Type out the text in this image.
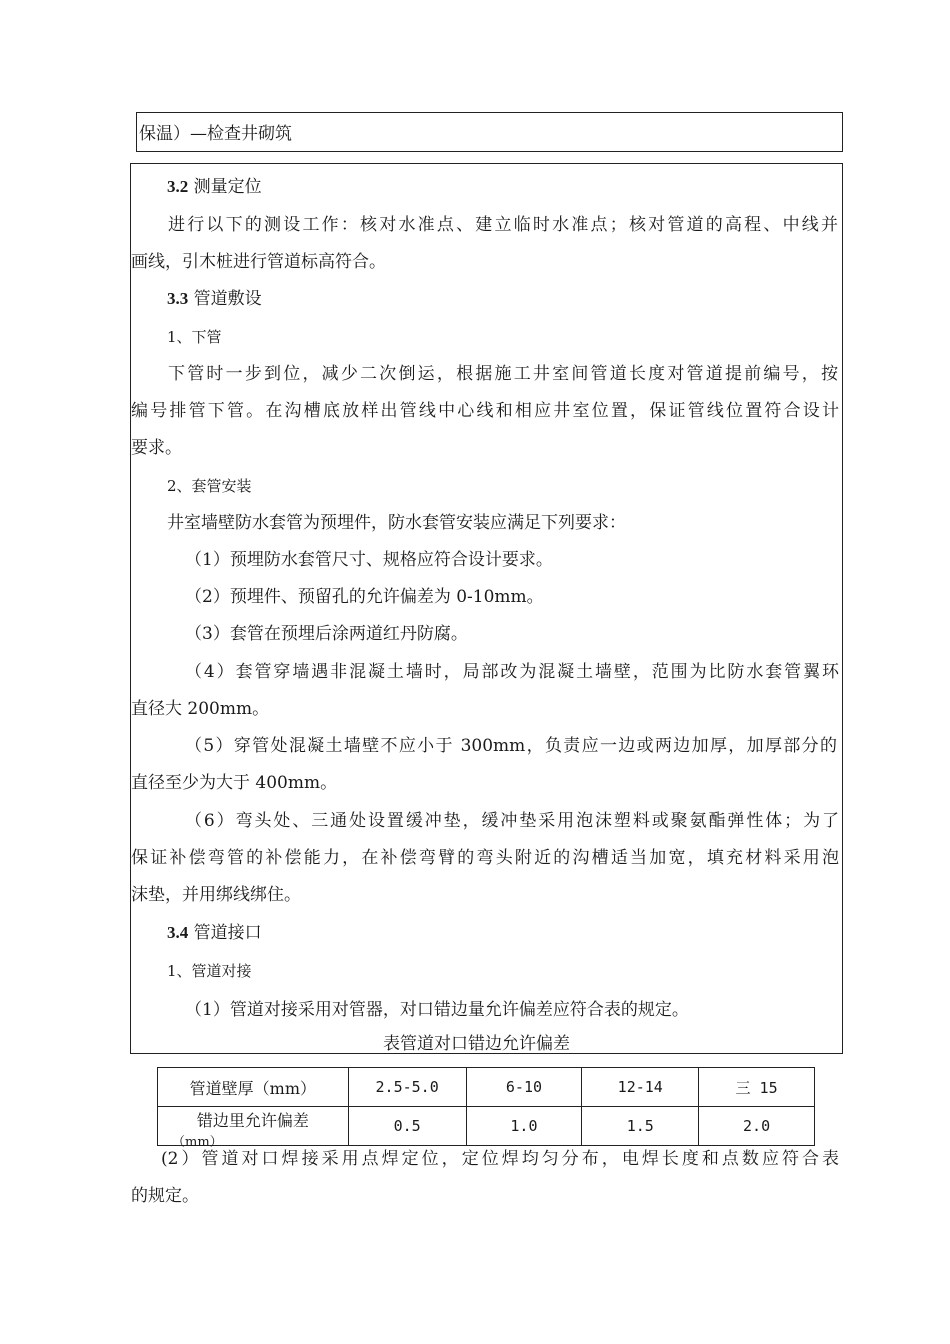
保温）—检查井砌筑
3.2 测量定位
进行以下的测设工作：核对水准点、建立临时水准点；核对管道的高程、中线并
画线，引木桩进行管道标高符合。
3.3 管道敷设
1、下管
下管时一步到位，减少二次倒运，根据施工井室间管道长度对管道提前编号，按
编号排管下管。在沟槽底放样出管线中心线和相应井室位置，保证管线位置符合设计
要求。
2、套管安装
井室墙壁防水套管为预埋件，防水套管安装应满足下列要求：
（1）预埋防水套管尺寸、规格应符合设计要求。
（2）预埋件、预留孔的允许偏差为 0-10mm。
（3）套管在预埋后涂两道红丹防腐。
（4）套管穿墙遇非混凝土墙时，局部改为混凝土墙壁，范围为比防水套管翼环
直径大 200mm。
（5）穿管处混凝土墙壁不应小于 300mm，负责应一边或两边加厚，加厚部分的
直径至少为大于 400mm。
（6）弯头处、三通处设置缓冲垫，缓冲垫采用泡沫塑料或聚氨酯弹性体；为了
保证补偿弯管的补偿能力，在补偿弯臂的弯头附近的沟槽适当加宽，填充材料采用泡
沫垫，并用绑线绑住。
3.4 管道接口
1、管道对接
（1）管道对接采用对管器，对口错边量允许偏差应符合表的规定。
表管道对口错边允许偏差
管道壁厚（mm）	2.5-5.0	6-10	12-14	三 15

错边里允许偏差
（mm）	0.5	1.0	1.5	2.0
(2）管道对口焊接采用点焊定位，定位焊均匀分布，电焊长度和点数应符合表
的规定。
